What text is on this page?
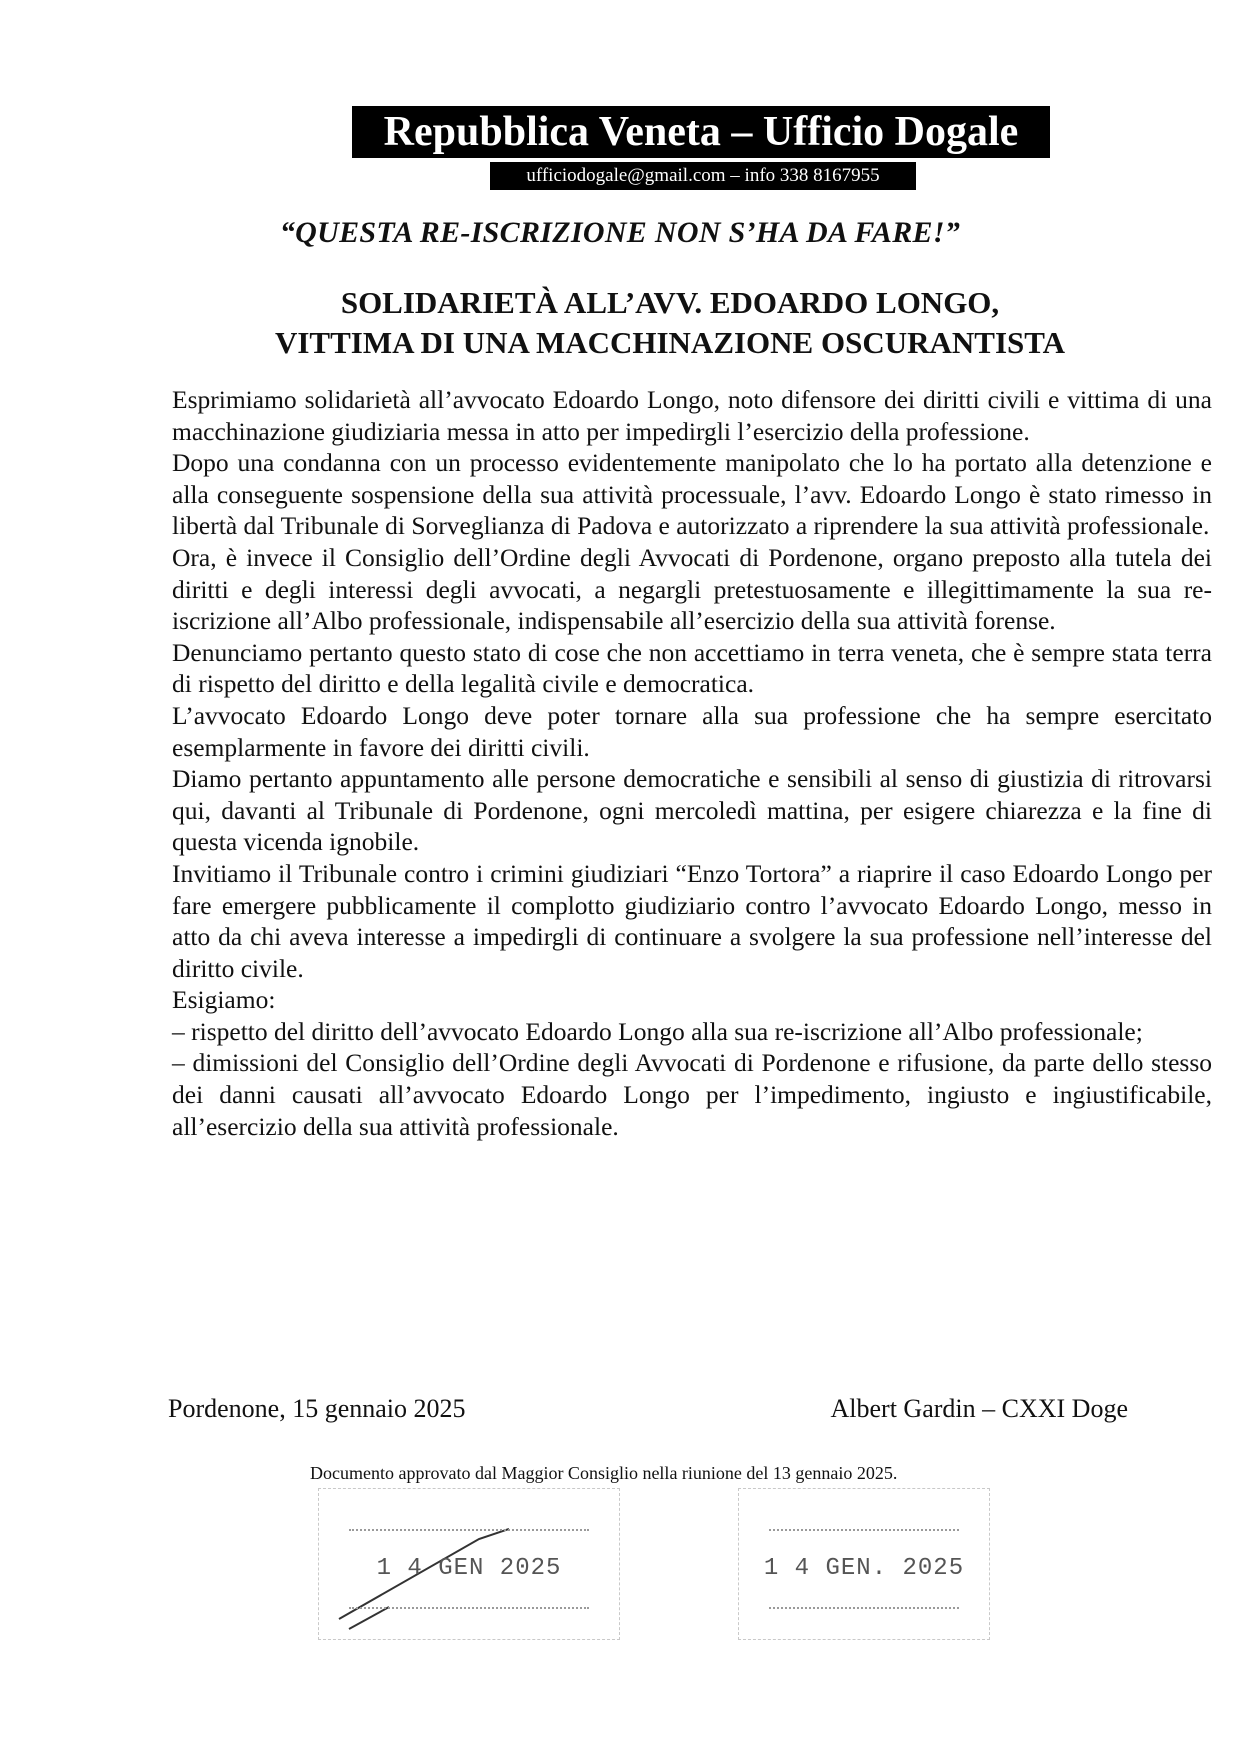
Repubblica Veneta – Ufficio Dogale
ufficiodogale@gmail.com – info 338 8167955
“QUESTA RE-ISCRIZIONE NON S’HA DA FARE!”
SOLIDARIETÀ ALL’AVV. EDOARDO LONGO,
VITTIMA DI UNA MACCHINAZIONE OSCURANTISTA

Esprimiamo solidarietà all’avvocato Edoardo Longo, noto difensore dei diritti civili e vittima di una macchinazione giudiziaria messa in atto per impedirgli l’esercizio della professione.

Dopo una condanna con un processo evidentemente manipolato che lo ha portato alla detenzione e alla conseguente sospensione della sua attività processuale, l’avv. Edoardo Longo è stato rimesso in libertà dal Tribunale di Sorveglianza di Padova e autorizzato a riprendere la sua attività professionale.

Ora, è invece il Consiglio dell’Ordine degli Avvocati di Pordenone, organo preposto alla tutela dei diritti e degli interessi degli avvocati, a negargli pretestuosamente e illegittimamente la sua re-iscrizione all’Albo professionale, indispensabile all’esercizio della sua attività forense.

Denunciamo pertanto questo stato di cose che non accettiamo in terra veneta, che è sempre stata terra di rispetto del diritto e della legalità civile e democratica.

L’avvocato Edoardo Longo deve poter tornare alla sua professione che ha sempre esercitato esemplarmente in favore dei diritti civili.

Diamo pertanto appuntamento alle persone democratiche e sensibili al senso di giustizia di ritrovarsi qui, davanti al Tribunale di Pordenone, ogni mercoledì mattina, per esigere chiarezza e la fine di questa vicenda ignobile.

Invitiamo il Tribunale contro i crimini giudiziari “Enzo Tortora” a riaprire il caso Edoardo Longo per fare emergere pubblicamente il complotto giudiziario contro l’avvocato Edoardo Longo, messo in atto da chi aveva interesse a impedirgli di continuare a svolgere la sua professione nell’interesse del diritto civile.

Esigiamo:

– rispetto del diritto dell’avvocato Edoardo Longo alla sua re-iscrizione all’Albo professionale;

– dimissioni del Consiglio dell’Ordine degli Avvocati di Pordenone e rifusione, da parte dello stesso dei danni causati all’avvocato Edoardo Longo per l’impedimento, ingiusto e ingiustificabile, all’esercizio della sua attività professionale.

Pordenone, 15 gennaio 2025	Albert Gardin – CXXI Doge
Documento approvato dal Maggior Consiglio nella riunione del 13 gennaio 2025.
1 4 GEN 2025	1 4 GEN. 2025
